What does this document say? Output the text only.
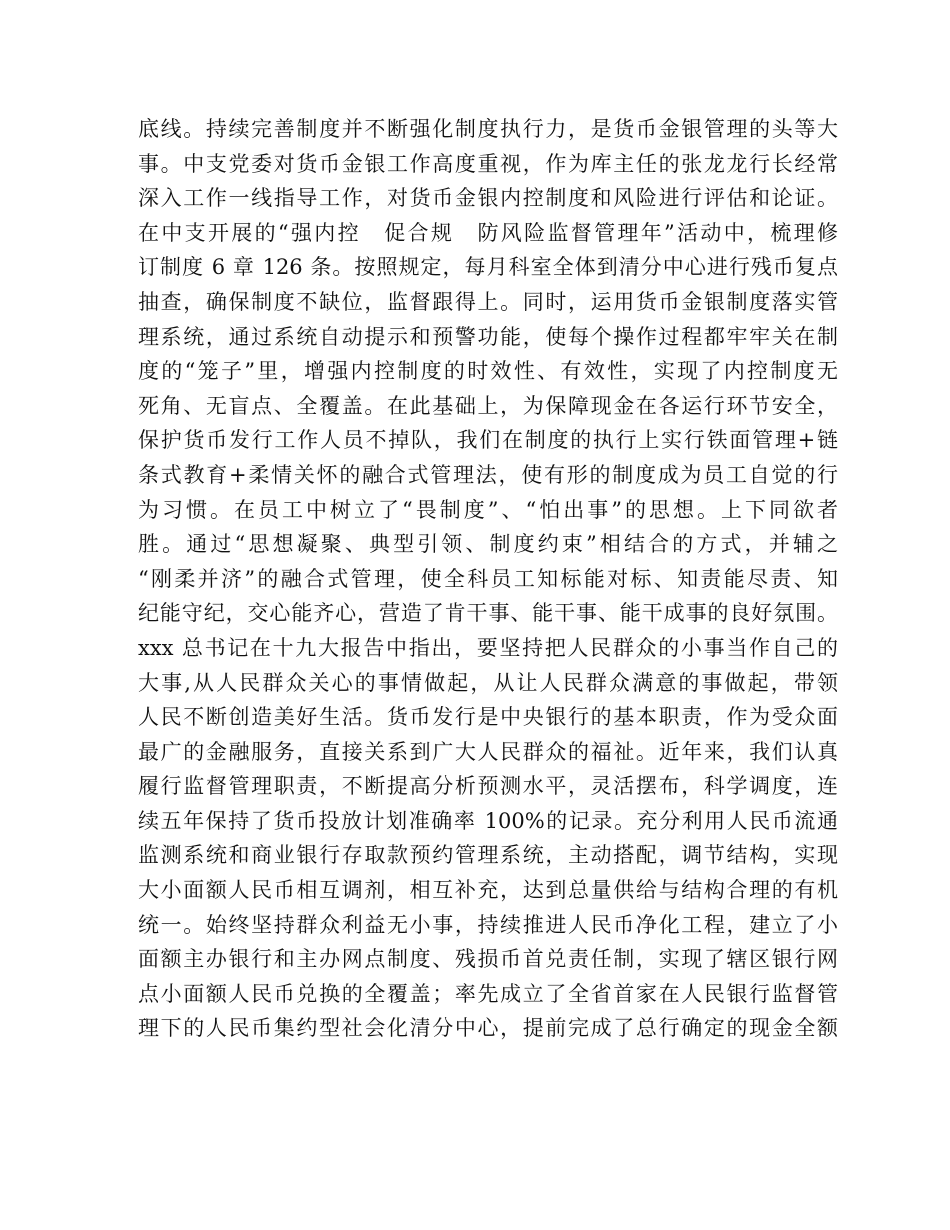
底线。持续完善制度并不断强化制度执行力，是货币金银管理的头等大
事。中支党委对货币金银工作高度重视，作为库主任的张龙龙行长经常
深入工作一线指导工作，对货币金银内控制度和风险进行评估和论证。
在中支开展的“强内控　促合规　防风险监督管理年”活动中，梳理修
订制度 6 章 126 条。按照规定，每月科室全体到清分中心进行残币复点
抽查，确保制度不缺位，监督跟得上。同时，运用货币金银制度落实管
理系统，通过系统自动提示和预警功能，使每个操作过程都牢牢关在制
度的“笼子”里，增强内控制度的时效性、有效性，实现了内控制度无
死角、无盲点、全覆盖。在此基础上，为保障现金在各运行环节安全，
保护货币发行工作人员不掉队，我们在制度的执行上实行铁面管理+链
条式教育+柔情关怀的融合式管理法，使有形的制度成为员工自觉的行
为习惯。在员工中树立了“畏制度”、“怕出事”的思想。上下同欲者
胜。通过“思想凝聚、典型引领、制度约束”相结合的方式，并辅之
“刚柔并济”的融合式管理，使全科员工知标能对标、知责能尽责、知
纪能守纪，交心能齐心，营造了肯干事、能干事、能干成事的良好氛围。
xxx 总书记在十九大报告中指出，要坚持把人民群众的小事当作自己的
大事,从人民群众关心的事情做起，从让人民群众满意的事做起，带领
人民不断创造美好生活。货币发行是中央银行的基本职责，作为受众面
最广的金融服务，直接关系到广大人民群众的福祉。近年来，我们认真
履行监督管理职责，不断提高分析预测水平，灵活摆布，科学调度，连
续五年保持了货币投放计划准确率 100%的记录。充分利用人民币流通
监测系统和商业银行存取款预约管理系统，主动搭配，调节结构，实现
大小面额人民币相互调剂，相互补充，达到总量供给与结构合理的有机
统一。始终坚持群众利益无小事，持续推进人民币净化工程，建立了小
面额主办银行和主办网点制度、残损币首兑责任制，实现了辖区银行网
点小面额人民币兑换的全覆盖；率先成立了全省首家在人民银行监督管
理下的人民币集约型社会化清分中心，提前完成了总行确定的现金全额
